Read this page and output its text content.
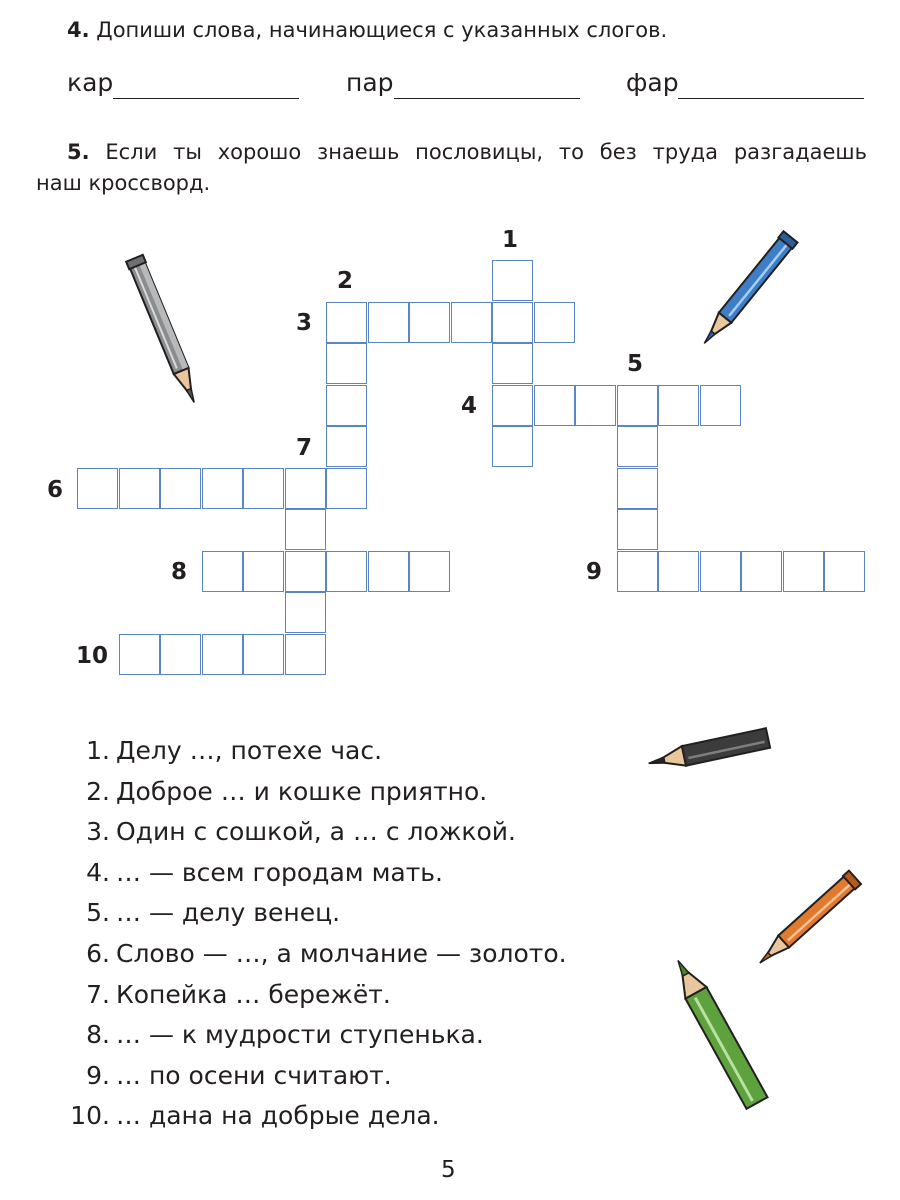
4. Допиши слова, начинающиеся с указанных слогов.
кар	пар	фар
5. Если ты хорошо знаешь пословицы, то без труда разгадаешь
наш кроссворд.
1
2
3
4
5
6
7
8	9
10
1. Делу …, потехе час.
2. Доброе … и кошке приятно.
3. Один с сошкой, а … с ложкой.
4. … — всем городам мать.
5. … — делу венец.
6. Слово — …, а молчание — золото.
7. Копейка … бережёт.
8. … — к мудрости ступенька.
9. … по осени считают.
10. … дана на добрые дела.
5
